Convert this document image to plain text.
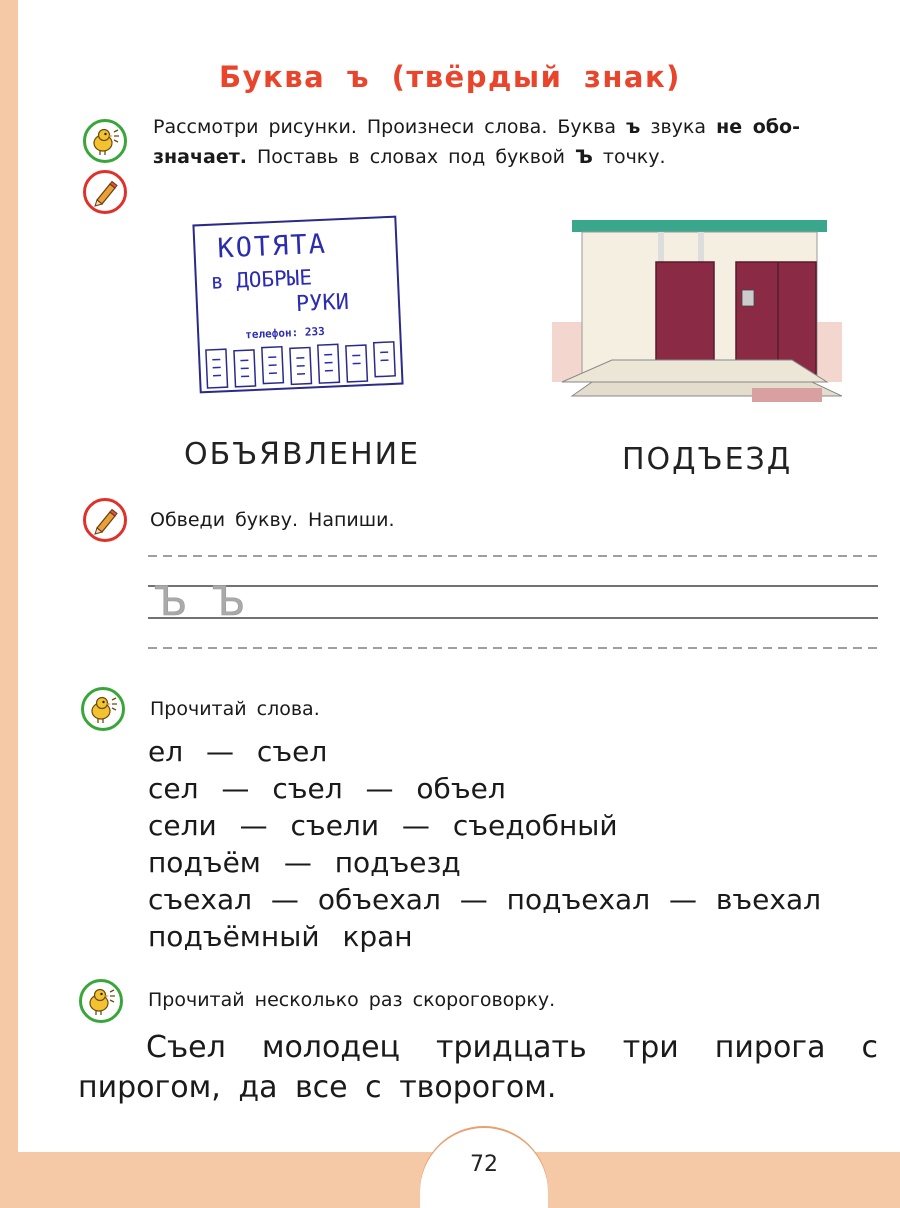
72
Буква ъ (твёрдый знак)
Рассмотри рисунки. Произнеси слова. Буква ъ звука не обо-
значает. Поставь в словах под буквой Ъ точку.
КОТЯТА
в ДОБРЫЕ
РУКИ
телефон: 233
ОБЪЯВЛЕНИЕ	ПОДЪЕЗД
Обведи букву. Напиши.
Ъ Ъ
Прочитай слова.
ел — съел
сел — съел — объел
сели — съели — съедобный
подъём — подъезд
съехал — объехал — подъехал — въехал
подъёмный кран
Прочитай несколько раз скороговорку.
Съел молодец тридцать три пирога с пирогом, да все с творогом.
